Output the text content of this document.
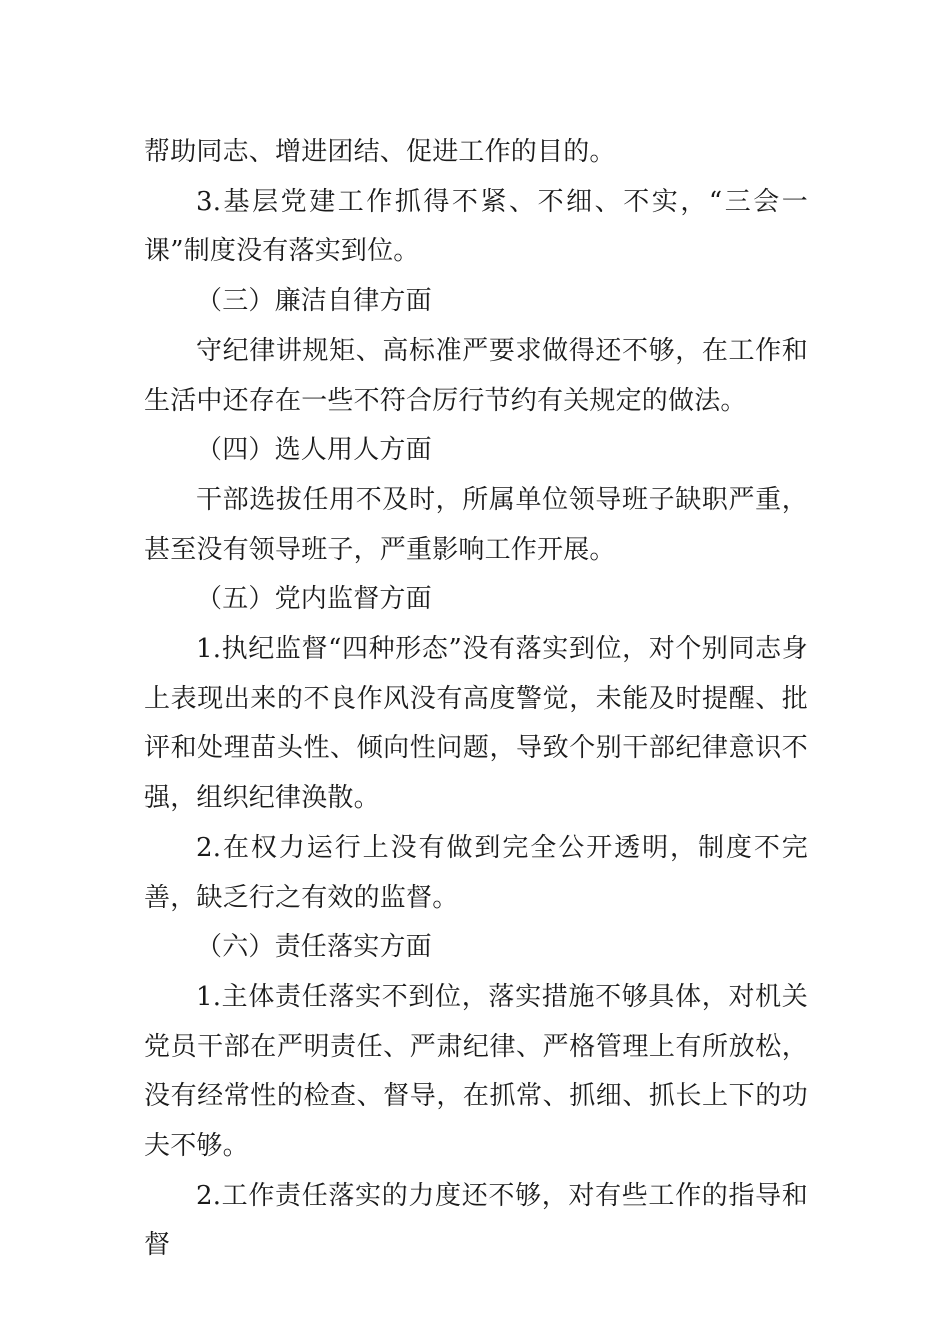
帮助同志、增进团结、促进工作的目的。

3.基层党建工作抓得不紧、不细、不实，“三会一课”制度没有落实到位。

（三）廉洁自律方面

守纪律讲规矩、高标准严要求做得还不够，在工作和生活中还存在一些不符合厉行节约有关规定的做法。

（四）选人用人方面

干部选拔任用不及时，所属单位领导班子缺职严重，甚至没有领导班子，严重影响工作开展。

（五）党内监督方面

1.执纪监督“四种形态”没有落实到位，对个别同志身上表现出来的不良作风没有高度警觉，未能及时提醒、批评和处理苗头性、倾向性问题，导致个别干部纪律意识不强，组织纪律涣散。

2.在权力运行上没有做到完全公开透明，制度不完善，缺乏行之有效的监督。

（六）责任落实方面

1.主体责任落实不到位，落实措施不够具体，对机关党员干部在严明责任、严肃纪律、严格管理上有所放松，没有经常性的检查、督导，在抓常、抓细、抓长上下的功夫不够。

2.工作责任落实的力度还不够，对有些工作的指导和督
